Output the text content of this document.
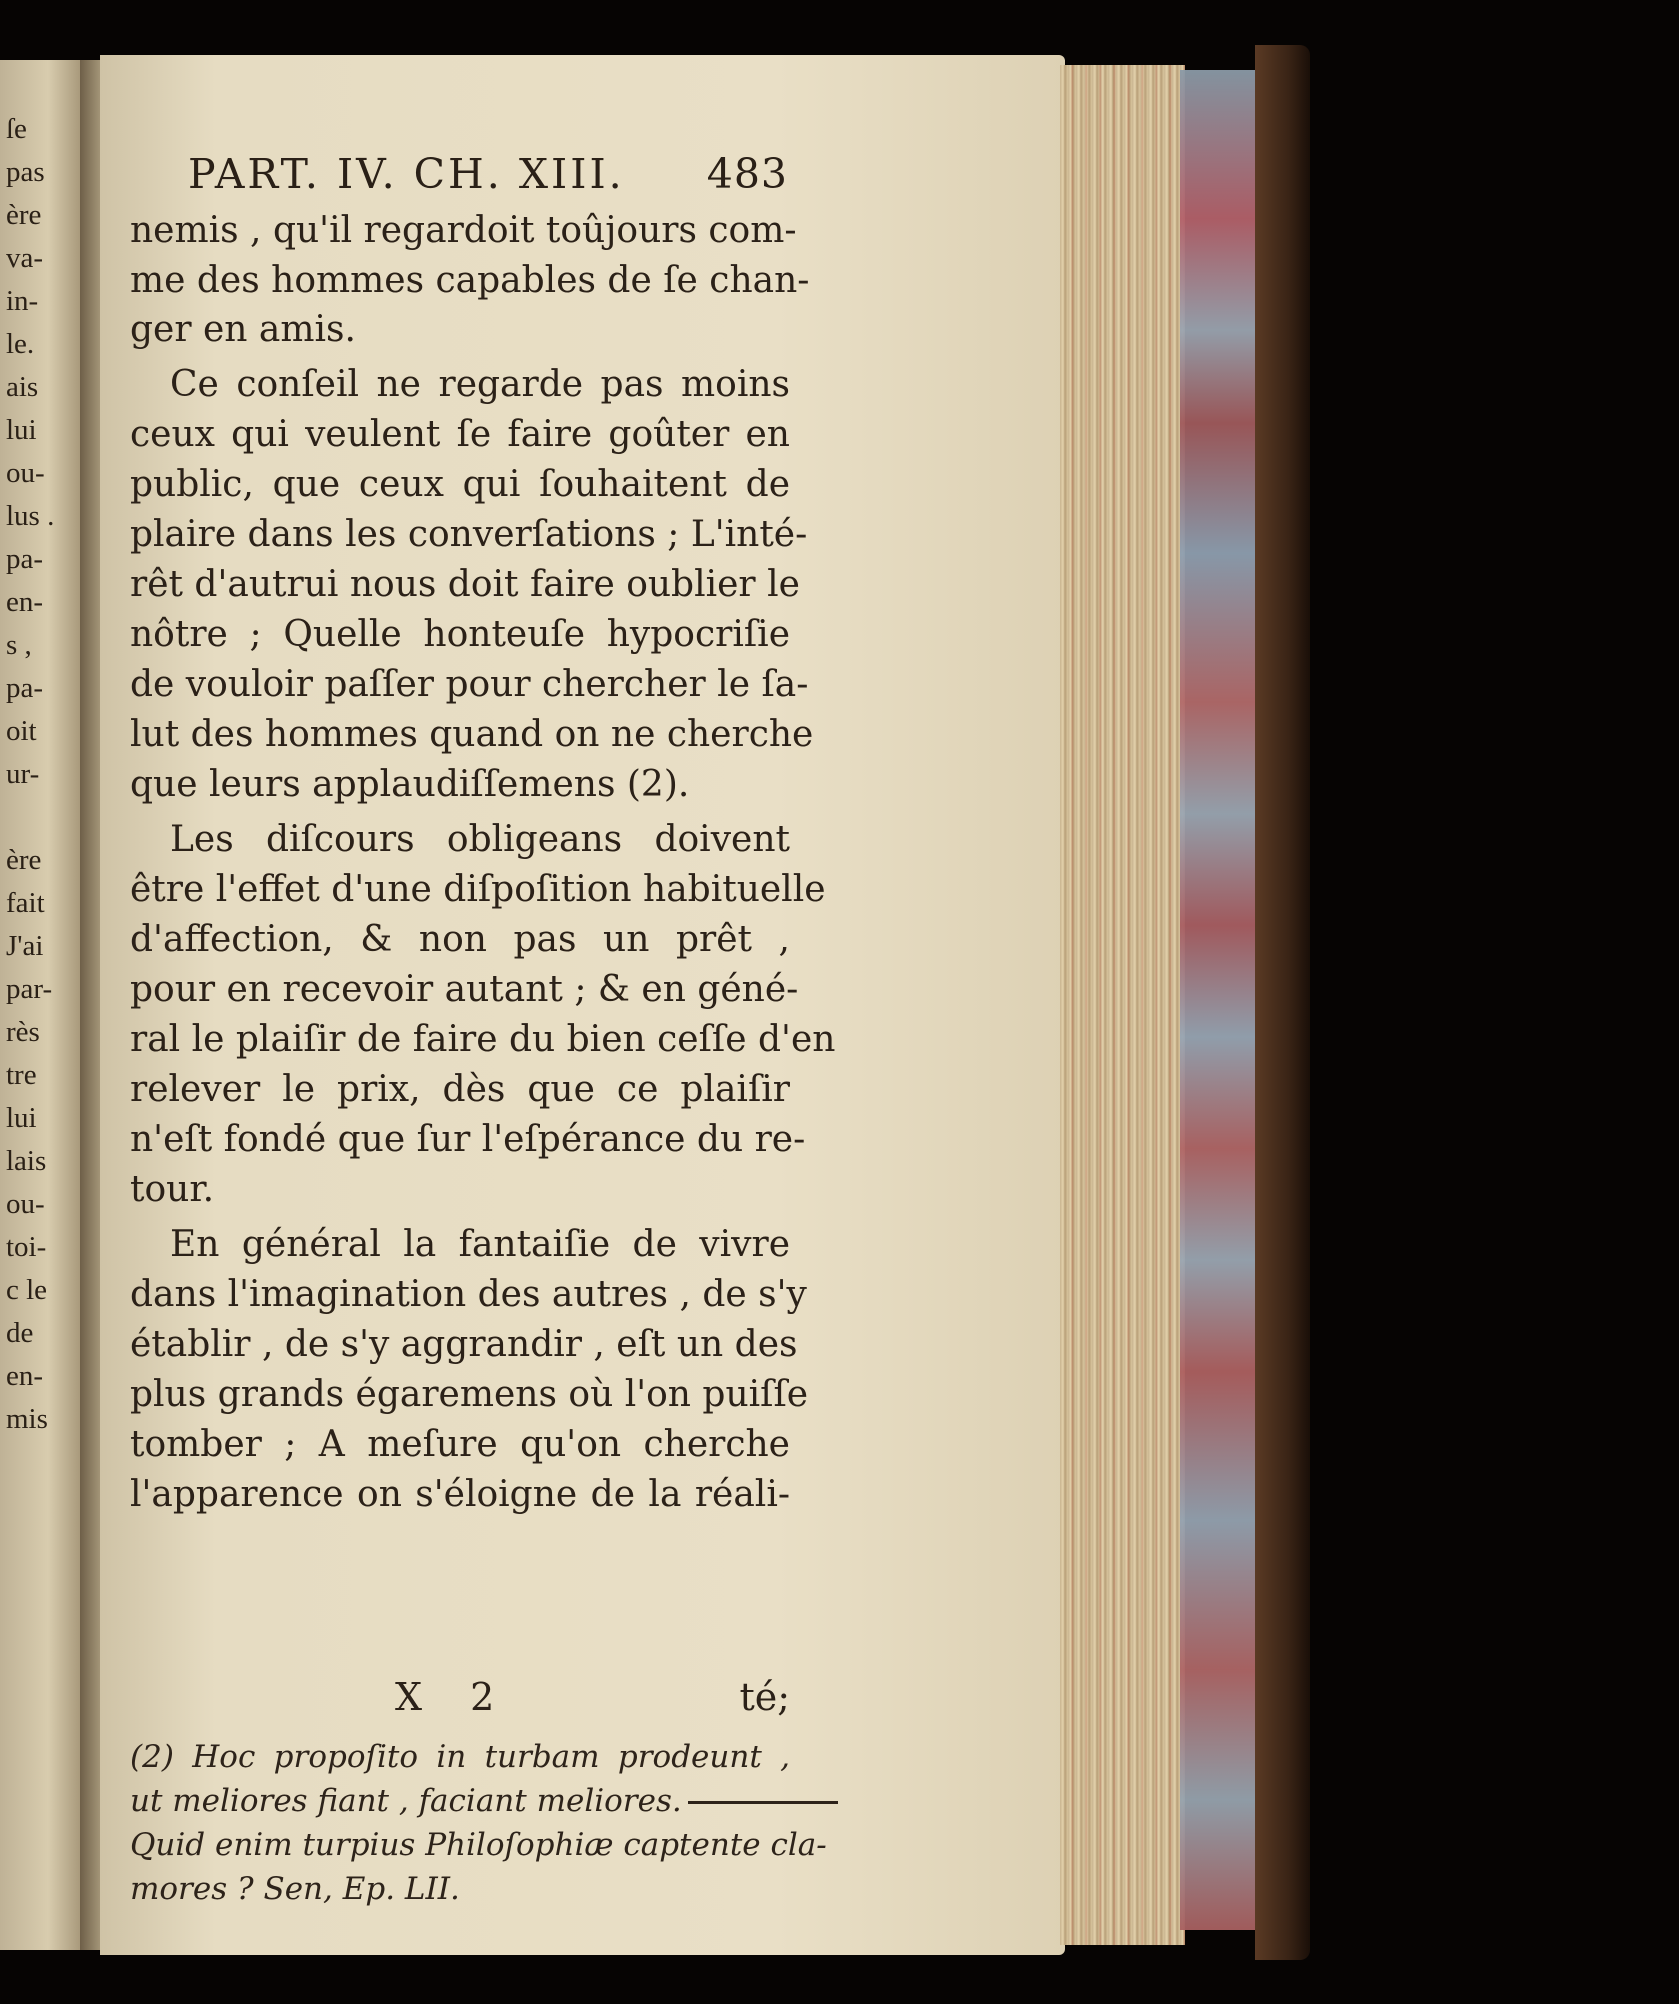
ſe
pas
ère
va-
in-
le.
ais
lui
ou-
lus .
pa-
en-
s ,
pa-
oit
ur-

ère
fait
J'ai
par-
rès
tre
lui
lais
ou-
toi-
c le
de
en-
mis
PART. IV. CH. XIII. 483
nemis , qu'il regardoit toûjours com-
me des hommes capables de ſe chan-
ger en amis.
Ce conſeil ne regarde pas moins
ceux qui veulent ſe faire goûter en
public, que ceux qui ſouhaitent de
plaire dans les converſations ; L'inté-
rêt d'autrui nous doit faire oublier le
nôtre ; Quelle honteuſe hypocriſie
de vouloir paſſer pour chercher le ſa-
lut des hommes quand on ne cherche
que leurs applaudiſſemens (2).
Les diſcours obligeans doivent
être l'effet d'une diſpoſition habituelle
d'affection, & non pas un prêt ,
pour en recevoir autant ; & en géné-
ral le plaiſir de faire du bien ceſſe d'en
relever le prix, dès que ce plaiſir
n'eſt fondé que ſur l'eſpérance du re-
tour.
En général la fantaiſie de vivre
dans l'imagination des autres , de s'y
établir , de s'y aggrandir , eſt un des
plus grands égaremens où l'on puiſſe
tomber ; A meſure qu'on cherche
l'apparence on s'éloigne de la réali-
X 2	té;
(2) Hoc propoſito in turbam prodeunt ,
ut meliores fiant , faciant meliores.
Quid enim turpius Philoſophiæ captente cla-
mores ? Sen, Ep. LII.
